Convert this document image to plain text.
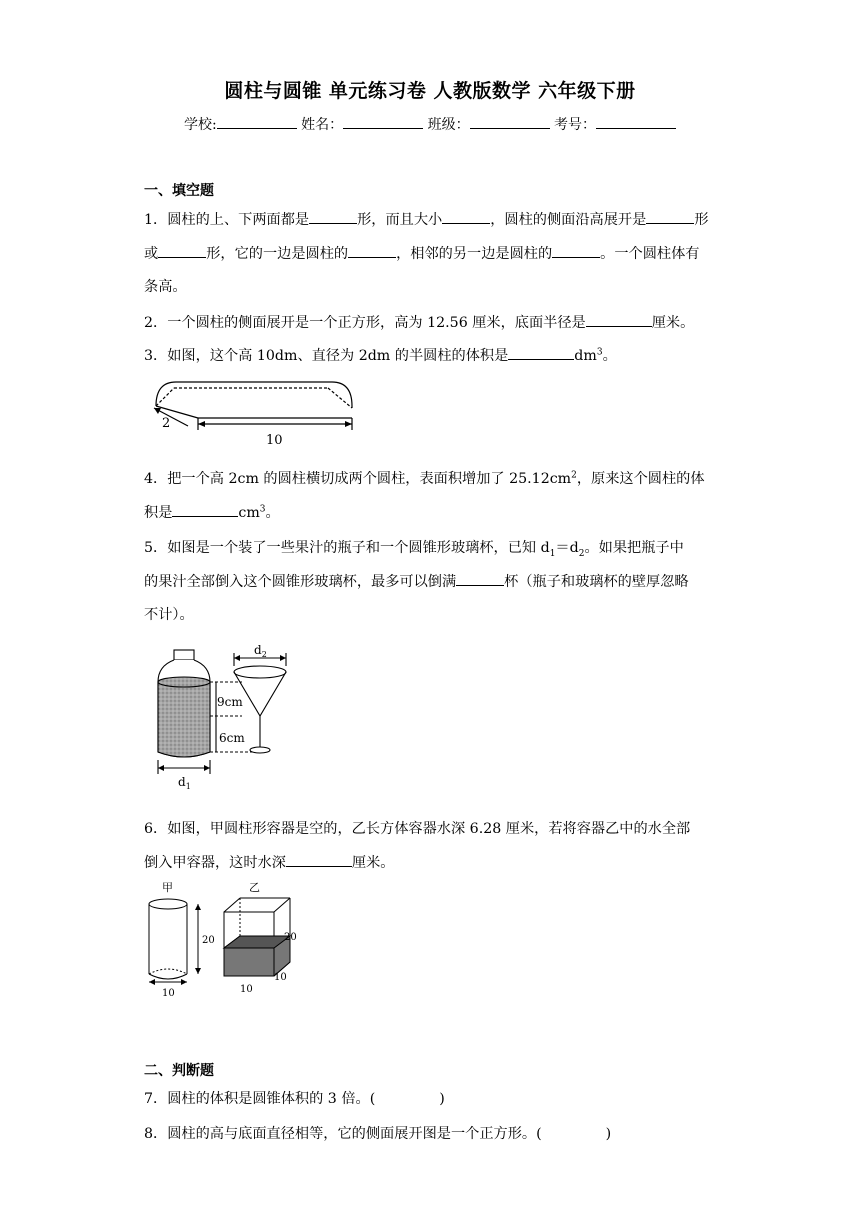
圆柱与圆锥 单元练习卷 人教版数学 六年级下册
学校:	姓名：	班级：	考号：
一、填空题
1．圆柱的上、下两面都是	形，而且大小	，圆柱的侧面沿高展开是	形
或	形，它的一边是圆柱的	，相邻的另一边是圆柱的	。一个圆柱体有
条高。
2．一个圆柱的侧面展开是一个正方形，高为 12.56 厘米，底面半径是	厘米。
3．如图，这个高 10dm、直径为 2dm 的半圆柱的体积是	$dm^3$。
2
10
4．把一个高 2cm 的圆柱横切成两个圆柱，表面积增加了 $25.12cm^2$，原来这个圆柱的体
积是	$cm^3$。
5．如图是一个装了一些果汁的瓶子和一个圆锥形玻璃杯，已知 $d_1=d_2$。如果把瓶子中
的果汁全部倒入这个圆锥形玻璃杯，最多可以倒满	杯（瓶子和玻璃杯的壁厚忽略
不计）。
$d_2$
9cm
6cm
$d_1$
6．如图，甲圆柱形容器是空的，乙长方体容器水深 6.28 厘米，若将容器乙中的水全部
倒入甲容器，这时水深	厘米。
甲	乙
20
10
20
10
10
二、判断题
7．圆柱的体积是圆锥体积的 3 倍。(	)
8．圆柱的高与底面直径相等，它的侧面展开图是一个正方形。(	)
